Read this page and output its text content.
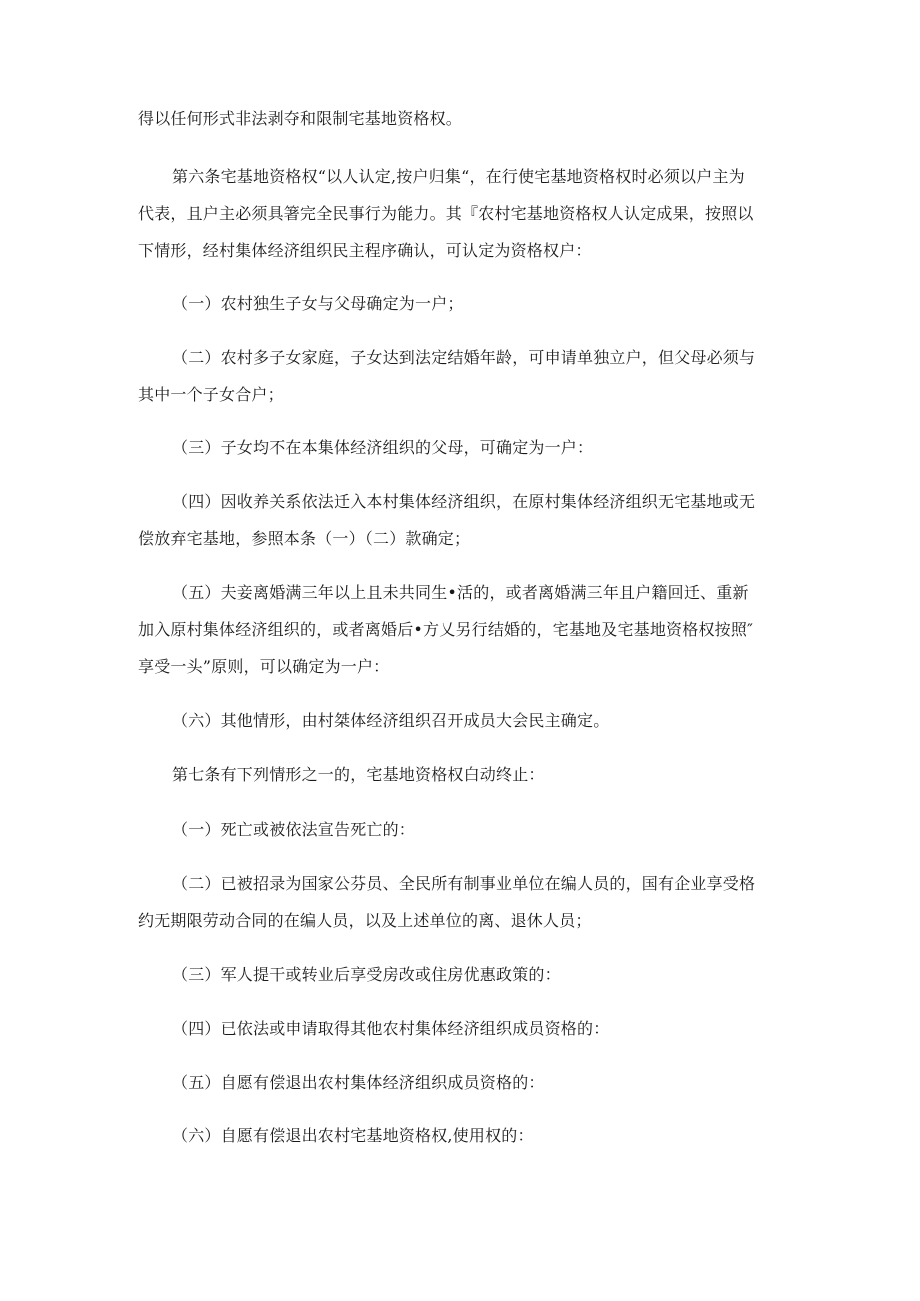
得以任何形式非法剥夺和限制宅基地资格权。
第六条宅基地资格权“以人认定,按户归集“，在行使宅基地资格权时必须以户主为
代表，且户主必须具箸完全民事行为能力。其『农村宅基地资格权人认定成果，按照以
下情形，经村集体经济组织民主程序确认，可认定为资格权户：
（一）农村独生子女与父母确定为一户；
（二）农村多子女家庭，子女达到法定结婚年龄，可申请单独立户，但父母必须与
其中一个子女合户；
（三）子女均不在本集体经济组织的父母，可确定为一户：
（四）因收养关系依法迁入本村集体经济组织，在原村集体经济组织无宅基地或无
偿放弃宅基地，参照本条（一）（二）款确定；
（五）夫妾离婚满三年以上且未共同生•活的，或者离婚满三年且户籍回迁、重新
加入原村集体经济组织的，或者离婚后•方乂另行结婚的，宅基地及宅基地资格权按照″
享受一头”原则，可以确定为一户：
（六）其他情形，由村桀体经济组织召开成员大会民主确定。
第七条有下列情形之一的，宅基地资格权白动终止：
（一）死亡或被依法宣告死亡的：
（二）已被招录为国家公芬员、全民所有制事业单位在编人员的，国有企业享受格
约无期限劳动合同的在编人员，以及上述单位的离、退休人员；
（三）军人提干或转业后享受房改或住房优惠政策的：
（四）已依法或申请取得其他农村集体经济组织成员资格的：
（五）自愿有偿退出农村集体经济组织成员资格的：
（六）自愿有偿退出农村宅基地资格权,使用权的：
